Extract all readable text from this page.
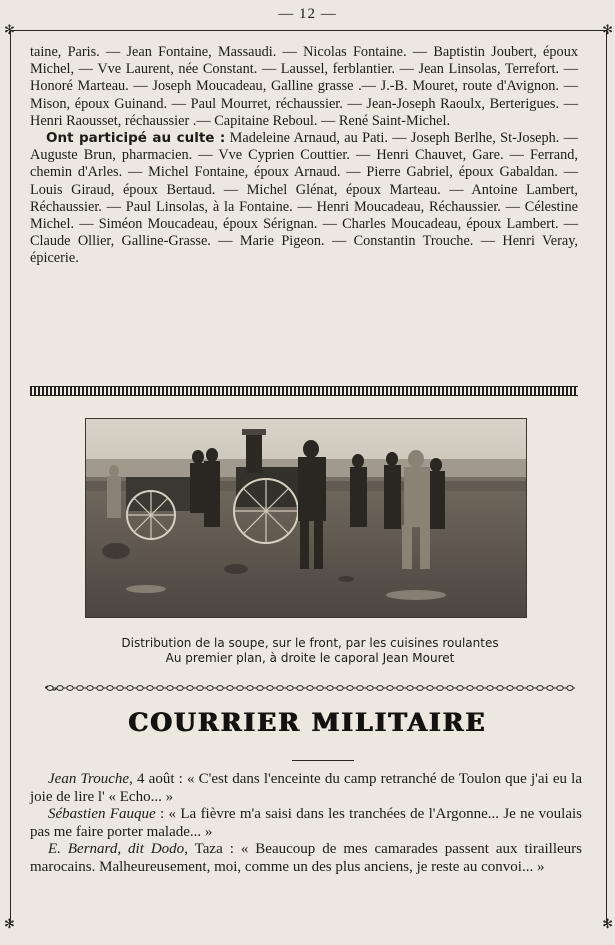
✻	✻
✻	✻
— 12 —

taine, Paris. — Jean Fontaine, Massaudi. — Nicolas Fontaine. — Baptistin Joubert, époux Michel, — Vve Laurent, née Constant. — Laussel, ferblantier. — Jean Linsolas, Terrefort. — Honoré Marteau. — Joseph Moucadeau, Galline grasse .— J.-B. Mouret, route d'Avignon. — Mison, époux Guinand. — Paul Mourret, réchaussier. — Jean-Joseph Raoulx, Berterigues. — Henri Raousset, réchaussier .— Capitaine Reboul. — René Saint-Michel.

Ont participé au culte : Madeleine Arnaud, au Pati. — Joseph Berlhe, St-Joseph. — Auguste Brun, pharmacien. — Vve Cyprien Couttier. — Henri Chauvet, Gare. — Ferrand, chemin d'Arles. — Michel Fontaine, époux Arnaud. — Pierre Gabriel, époux Gabaldan. — Louis Giraud, époux Bertaud. — Michel Glénat, époux Marteau. — Antoine Lambert, Réchaussier. — Paul Linsolas, à la Fontaine. — Henri Moucadeau, Réchaussier. — Célestine Michel. — Siméon Moucadeau, époux Sérignan. — Charles Moucadeau, époux Lambert. — Claude Ollier, Galline-Grasse. — Marie Pigeon. — Constantin Trouche. — Henri Veray, épicerie.

Distribution de la soupe, sur le front, par les cuisines roulantes

Au premier plan, à droite le caporal Jean Mouret

COURRIER MILITAIRE

Jean Trouche, 4 août : « C'est dans l'enceinte du camp retranché de Toulon que j'ai eu la joie de lire l' « Echo... »

Sébastien Fauque : « La fièvre m'a saisi dans les tranchées de l'Argonne... Je ne voulais pas me faire porter malade... »

E. Bernard, dit Dodo, Taza : « Beaucoup de mes camarades passent aux tirailleurs marocains. Malheureusement, moi, comme un des plus anciens, je reste au convoi... »
